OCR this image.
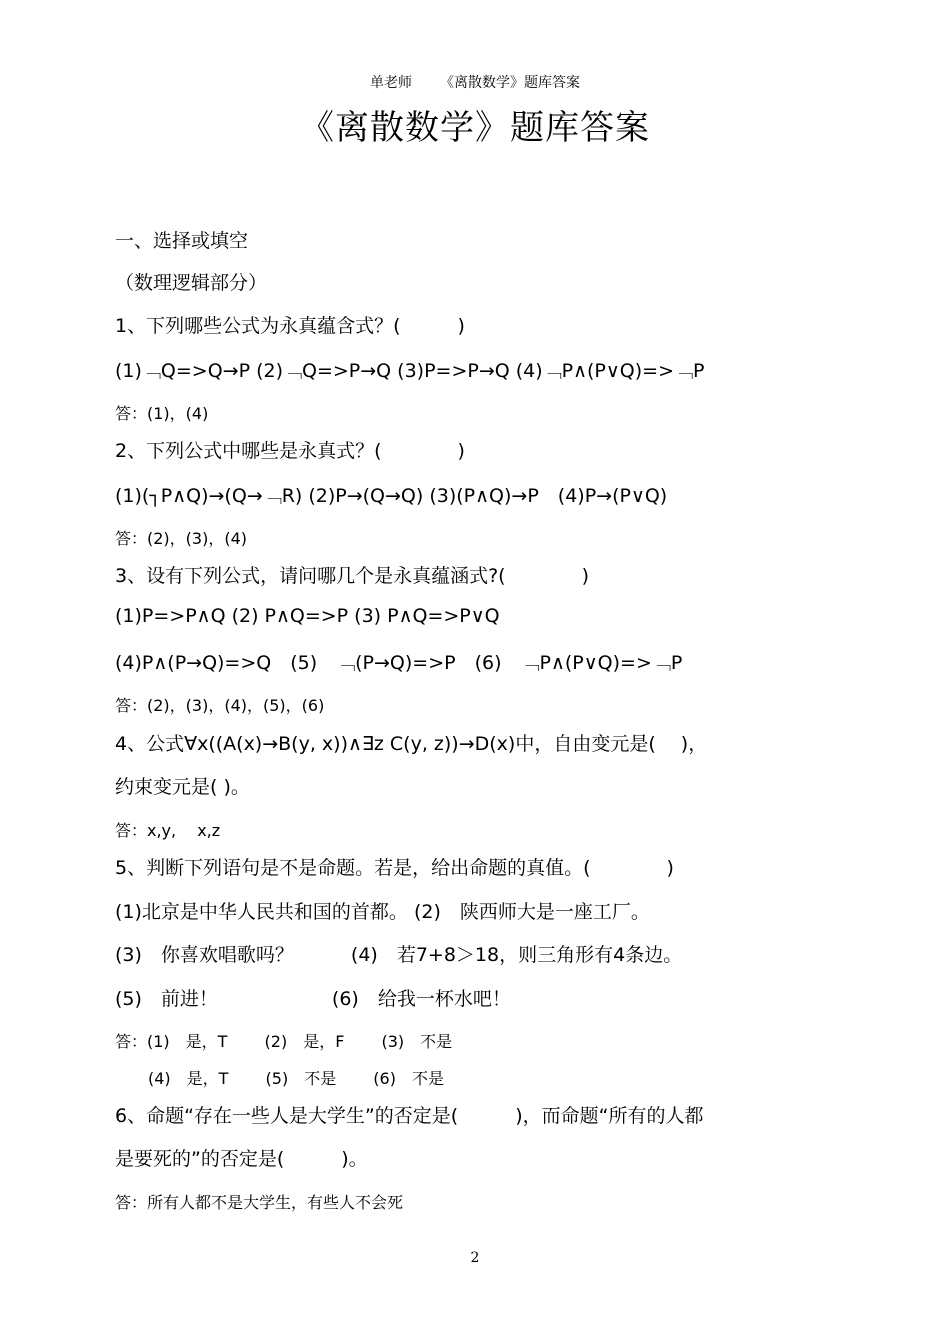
单老师 《离散数学》题库答案
《离散数学》题库答案
一、选择或填空
（数理逻辑部分）
1、下列哪些公式为永真蕴含式？(　　　)
(1)﹁Q=>Q→P (2)﹁Q=>P→Q (3)P=>P→Q (4)﹁P∧(P∨Q)=>﹁P
答：(1)，(4)
2、下列公式中哪些是永真式？(　　　　)
(1)(┐P∧Q)→(Q→﹁R) (2)P→(Q→Q) (3)(P∧Q)→P　(4)P→(P∨Q)
答：(2)，(3)，(4)
3、设有下列公式，请问哪几个是永真蕴涵式?(　　　　)
(1)P=>P∧Q (2) P∧Q=>P (3) P∧Q=>P∨Q
(4)P∧(P→Q)=>Q　(5)　﹁(P→Q)=>P　(6)　﹁P∧(P∨Q)=>﹁P
答：(2)，(3)，(4)，(5)，(6)
4、公式∀x((A(x)→B(y, x))∧∃z C(y, z))→D(x)中，自由变元是(　 )，
约束变元是( )。
答：x,y,　 x,z
5、判断下列语句是不是命题。若是，给出命题的真值。(　　　　)
(1)北京是中华人民共和国的首都。 (2)　陕西师大是一座工厂。
(3)　你喜欢唱歌吗？　　　(4)　若7+8＞18，则三角形有4条边。
(5)　前进！　　　　　　(6)　给我一杯水吧！
答：(1)　是，T　　 (2)　是，F　　 (3)　不是
(4)　是，T　　 (5)　不是　　 (6)　不是
6、命题“存在一些人是大学生”的否定是(　　　)，而命题“所有的人都
是要死的”的否定是(　　　)。
答：所有人都不是大学生，有些人不会死
2
